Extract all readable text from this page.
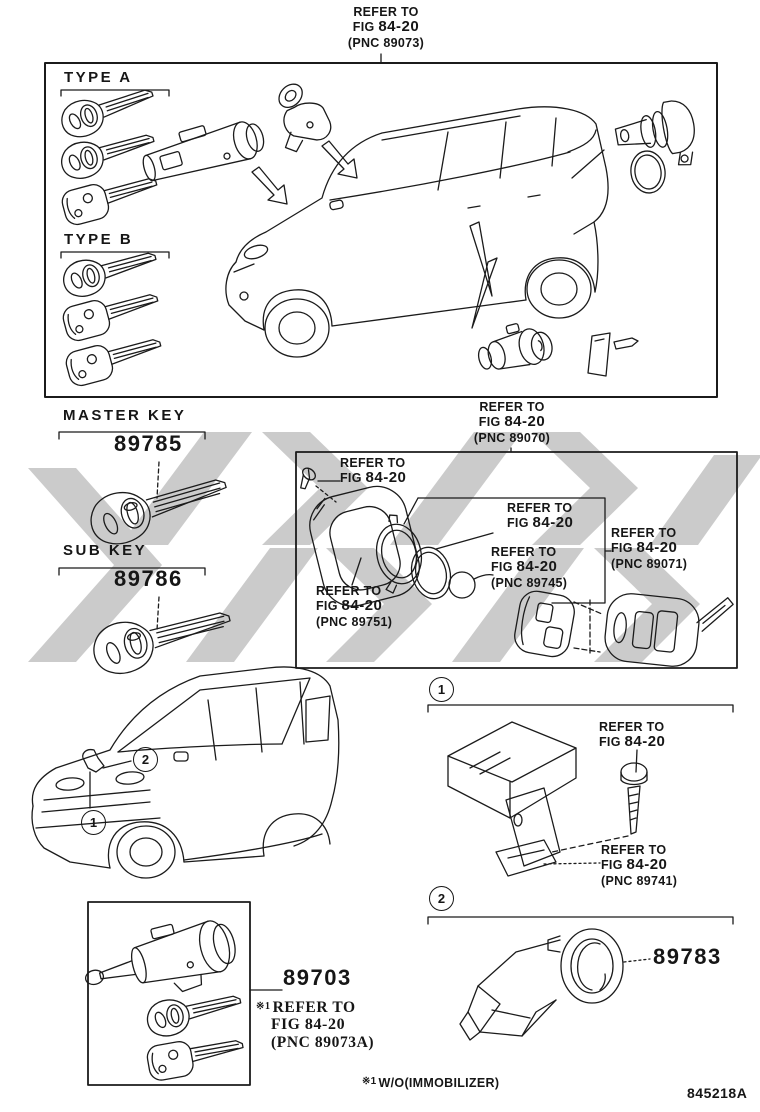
REFER TO
FIG 84-20
(PNC 89073)
TYPE A
TYPE B
MASTER KEY
89785
SUB KEY
89786
REFER TO
FIG 84-20
(PNC 89070)
REFER TO
FIG 84-20
REFER TO
FIG 84-20
REFER TO
FIG 84-20
(PNC 89745)
REFER TO
FIG 84-20
(PNC 89071)
REFER TO
FIG 84-20
(PNC 89751)
1
REFER TO
FIG 84-20
REFER TO
FIG 84-20
(PNC 89741)
2
2
1
89783
89703
※1 REFER TO
FIG 84-20
(PNC 89073A)
$^{※1}$ W/O(IMMOBILIZER)
845218A
